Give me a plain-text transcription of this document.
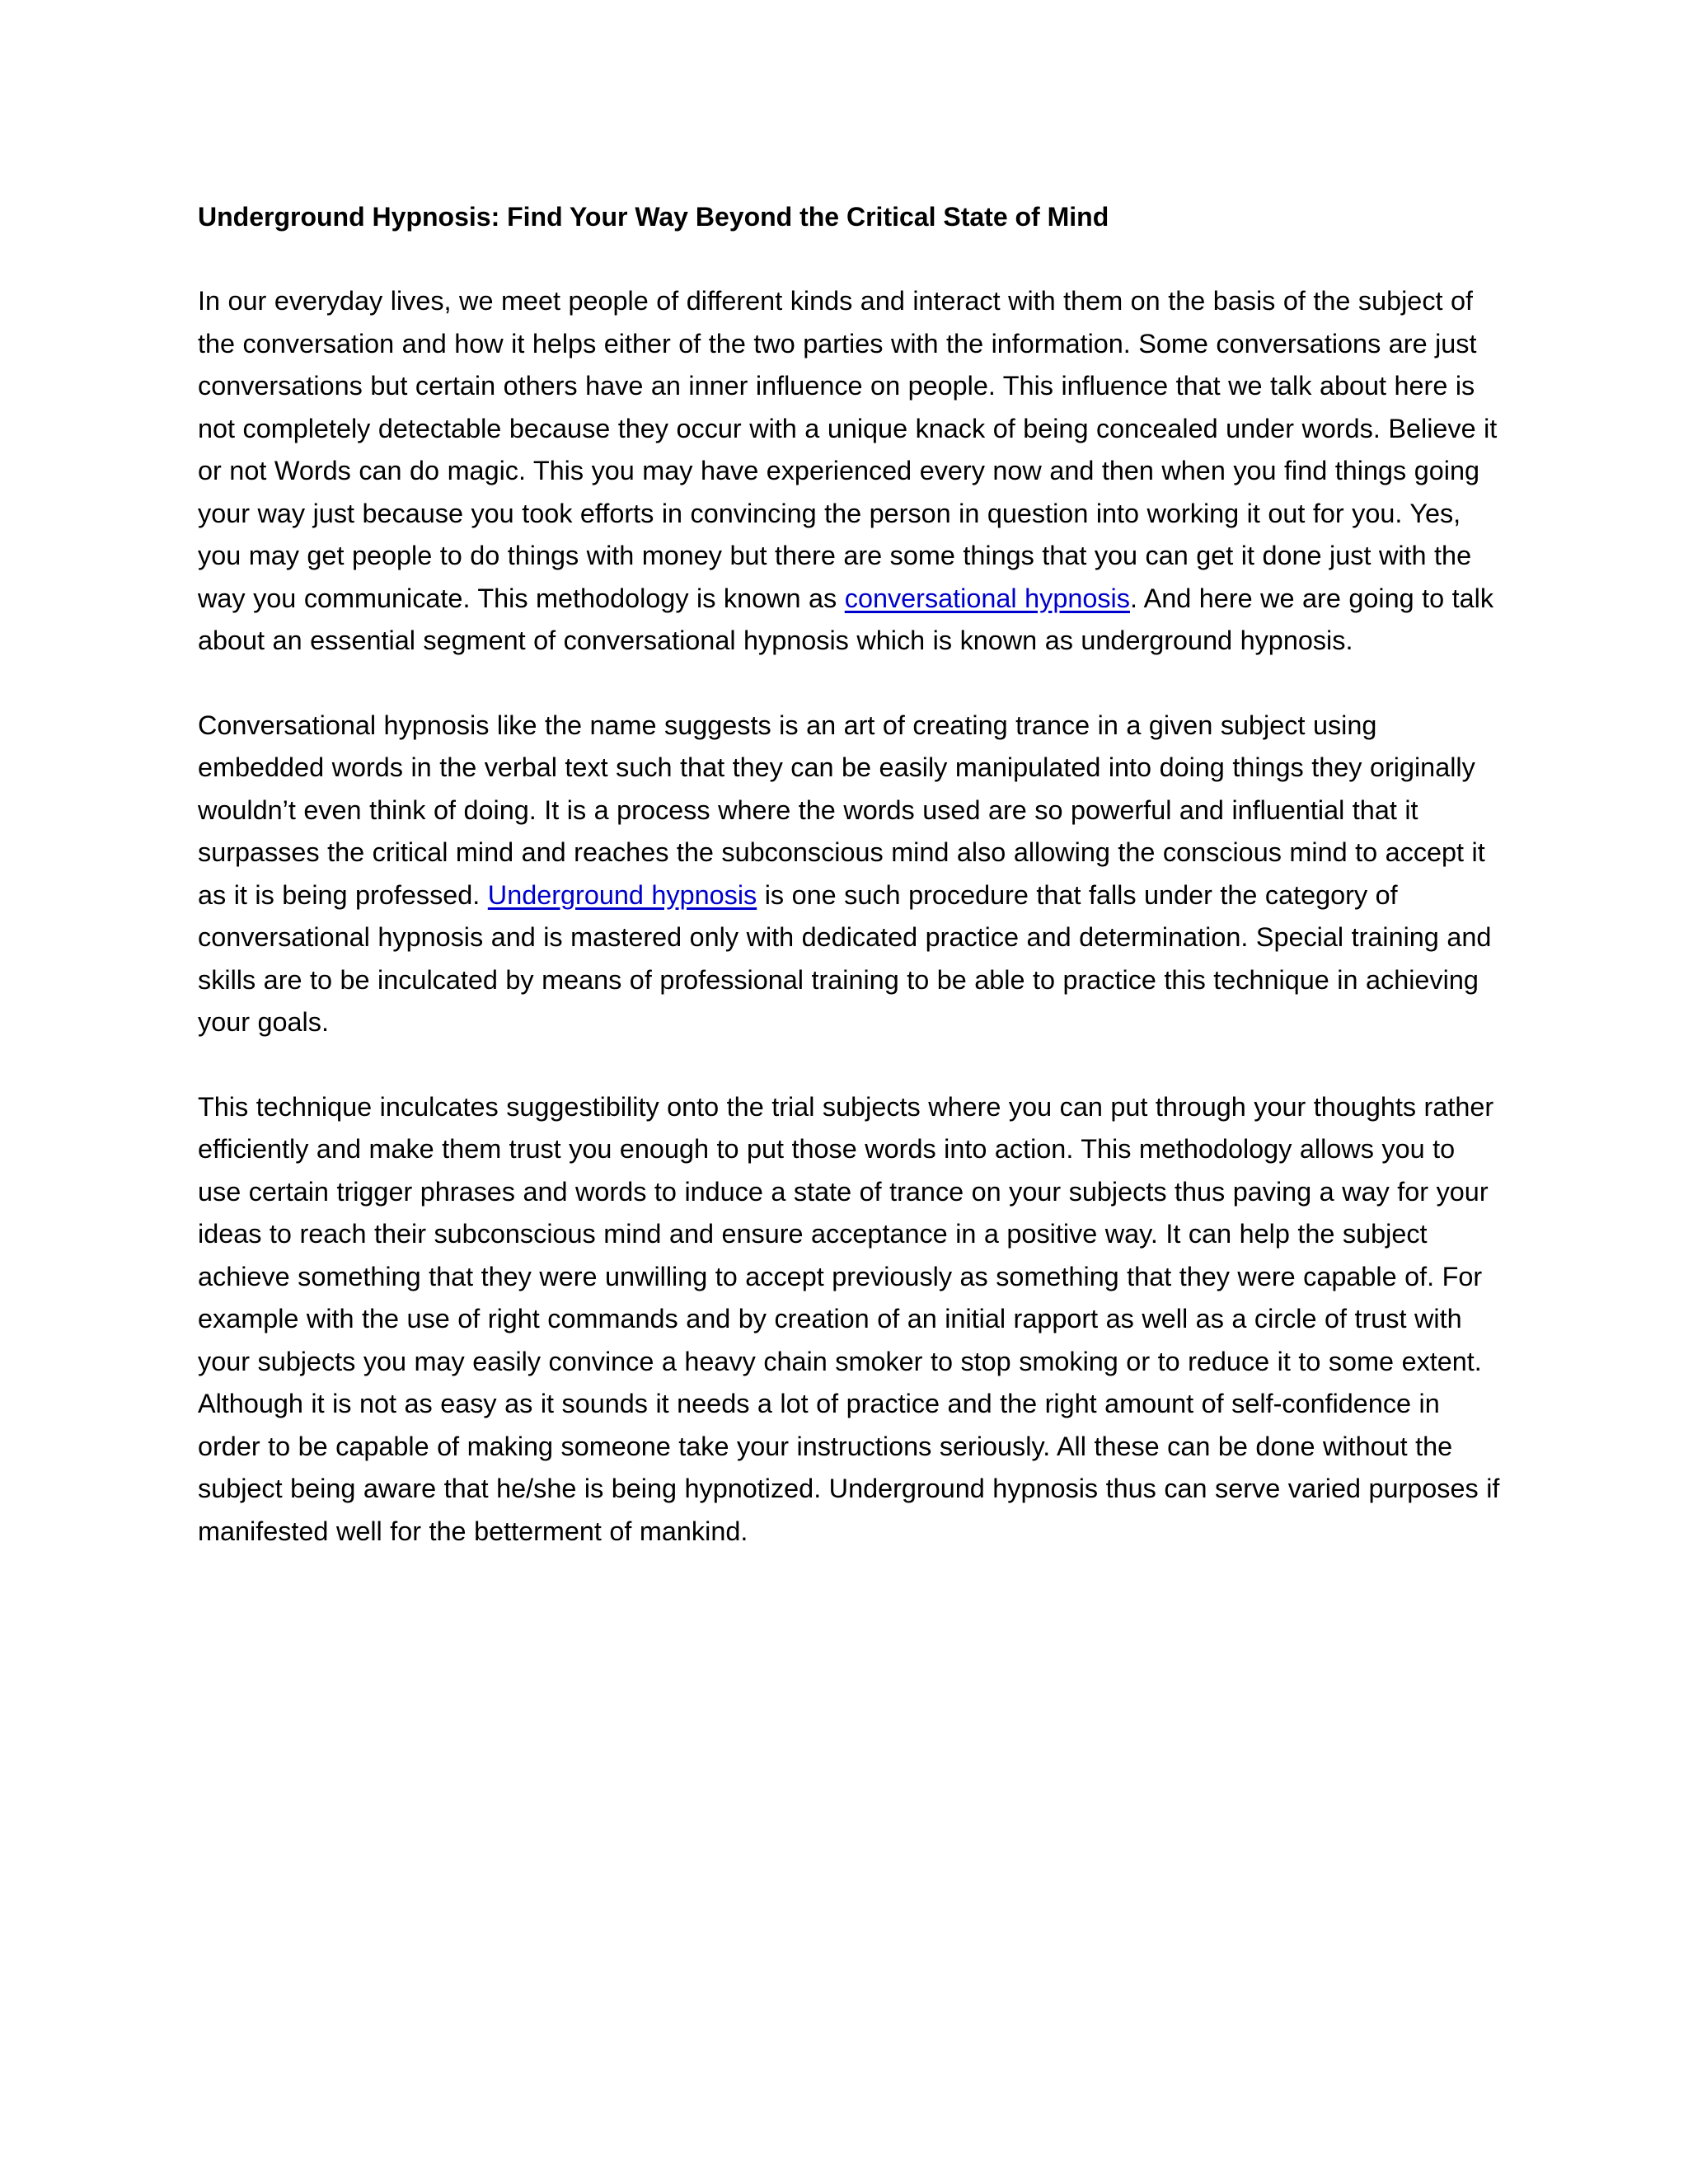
Underground Hypnosis: Find Your Way Beyond the Critical State of Mind

In our everyday lives, we meet people of different kinds and interact with them on the basis of the subject of the conversation and how it helps either of the two parties with the information. Some conversations are just conversations but certain others have an inner influence on people. This influence that we talk about here is not completely detectable because they occur with a unique knack of being concealed under words. Believe it or not Words can do magic. This you may have experienced every now and then when you find things going your way just because you took efforts in convincing the person in question into working it out for you. Yes, you may get people to do things with money but there are some things that you can get it done just with the way you communicate. This methodology is known as conversational hypnosis. And here we are going to talk about an essential segment of conversational hypnosis which is known as underground hypnosis.

Conversational hypnosis like the name suggests is an art of creating trance in a given subject using embedded words in the verbal text such that they can be easily manipulated into doing things they originally wouldn’t even think of doing. It is a process where the words used are so powerful and influential that it surpasses the critical mind and reaches the subconscious mind also allowing the conscious mind to accept it as it is being professed. Underground hypnosis is one such procedure that falls under the category of conversational hypnosis and is mastered only with dedicated practice and determination. Special training and skills are to be inculcated by means of professional training to be able to practice this technique in achieving your goals.

This technique inculcates suggestibility onto the trial subjects where you can put through your thoughts rather efficiently and make them trust you enough to put those words into action. This methodology allows you to use certain trigger phrases and words to induce a state of trance on your subjects thus paving a way for your ideas to reach their subconscious mind and ensure acceptance in a positive way. It can help the subject achieve something that they were unwilling to accept previously as something that they were capable of. For example with the use of right commands and by creation of an initial rapport as well as a circle of trust with your subjects you may easily convince a heavy chain smoker to stop smoking or to reduce it to some extent. Although it is not as easy as it sounds it needs a lot of practice and the right amount of self-confidence in order to be capable of making someone take your instructions seriously. All these can be done without the subject being aware that he/she is being hypnotized. Underground hypnosis thus can serve varied purposes if manifested well for the betterment of mankind.
